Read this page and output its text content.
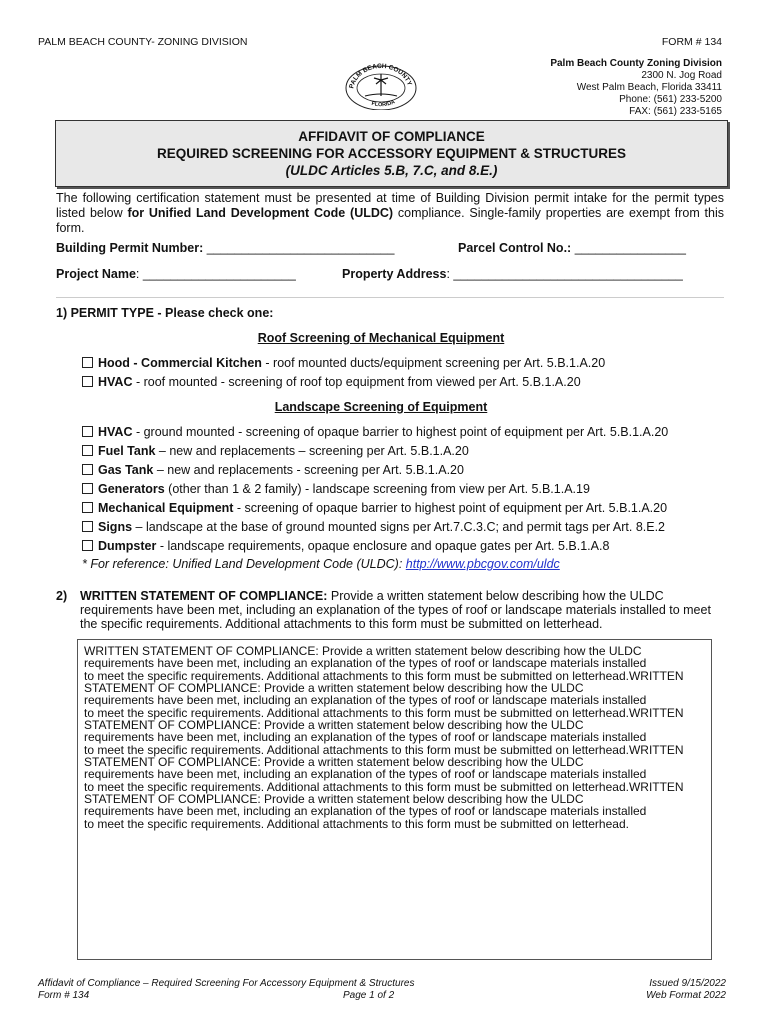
PALM BEACH COUNTY- ZONING DIVISION	FORM # 134
PALM BEACH COUNTY
FLORIDA
Palm Beach County Zoning Division
2300 N. Jog Road
West Palm Beach, Florida 33411
Phone: (561) 233-5200
FAX: (561) 233-5165
AFFIDAVIT OF COMPLIANCE
REQUIRED SCREENING FOR ACCESSORY EQUIPMENT & STRUCTURES
(ULDC Articles 5.B, 7.C, and 8.E.)
The following certification statement must be presented at time of Building Division permit intake for the permit types listed below for Unified Land Development Code (ULDC) compliance. Single-family properties are exempt from this form.
Building Permit Number: ___________________________	Parcel Control No.: ________________
Project Name: ______________________	Property Address: _________________________________
1) PERMIT TYPE - Please check one:
Roof Screening of Mechanical Equipment
Hood - Commercial Kitchen - roof mounted ducts/equipment screening per Art. 5.B.1.A.20
HVAC - roof mounted - screening of roof top equipment from viewed per Art. 5.B.1.A.20
Landscape Screening of Equipment
HVAC - ground mounted - screening of opaque barrier to highest point of equipment per Art. 5.B.1.A.20
Fuel Tank – new and replacements – screening per Art. 5.B.1.A.20
Gas Tank – new and replacements - screening per Art. 5.B.1.A.20
Generators (other than 1 & 2 family) - landscape screening from view per Art. 5.B.1.A.19
Mechanical Equipment - screening of opaque barrier to highest point of equipment per Art. 5.B.1.A.20
Signs – landscape at the base of ground mounted signs per Art.7.C.3.C; and permit tags per Art. 8.E.2
Dumpster - landscape requirements, opaque enclosure and opaque gates per Art. 5.B.1.A.8
* For reference: Unified Land Development Code (ULDC): http://www.pbcgov.com/uldc
2)	WRITTEN STATEMENT OF COMPLIANCE: Provide a written statement below describing how the ULDC requirements have been met, including an explanation of the types of roof or landscape materials installed to meet the specific requirements. Additional attachments to this form must be submitted on letterhead.
WRITTEN STATEMENT OF COMPLIANCE: Provide a written statement below describing how the ULDC
requirements have been met, including an explanation of the types of roof or landscape materials installed
to meet the specific requirements. Additional attachments to this form must be submitted on letterhead.WRITTEN STATEMENT OF COMPLIANCE: Provide a written statement below describing how the ULDC
requirements have been met, including an explanation of the types of roof or landscape materials installed
to meet the specific requirements. Additional attachments to this form must be submitted on letterhead.WRITTEN STATEMENT OF COMPLIANCE: Provide a written statement below describing how the ULDC
requirements have been met, including an explanation of the types of roof or landscape materials installed
to meet the specific requirements. Additional attachments to this form must be submitted on letterhead.WRITTEN STATEMENT OF COMPLIANCE: Provide a written statement below describing how the ULDC
requirements have been met, including an explanation of the types of roof or landscape materials installed
to meet the specific requirements. Additional attachments to this form must be submitted on letterhead.WRITTEN STATEMENT OF COMPLIANCE: Provide a written statement below describing how the ULDC
requirements have been met, including an explanation of the types of roof or landscape materials installed
to meet the specific requirements. Additional attachments to this form must be submitted on letterhead.
Affidavit of Compliance – Required Screening For Accessory Equipment & Structures
Form # 134	Page 1 of 2
Issued 9/15/2022
Web Format 2022
